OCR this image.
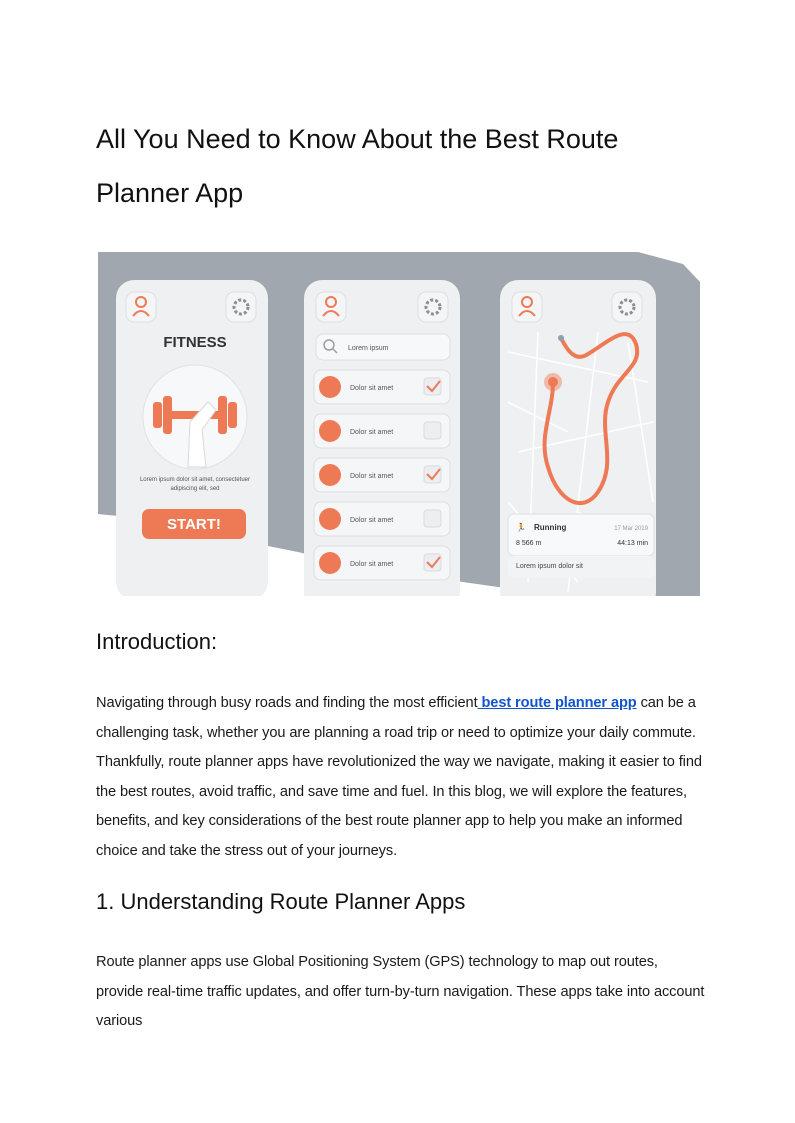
All You Need to Know About the Best Route Planner App
FITNESS
Lorem ipsum dolor sit amet, consectetuer
adipiscing elit, sed
START!
Lorem ipsum
Dolor sit amet
Dolor sit amet
Dolor sit amet
Dolor sit amet
Dolor sit amet
🏃 Running	17 Mar 2019
8 566 m	44:13 min
Lorem ipsum dolor sit
Introduction:

Navigating through busy roads and finding the most efficient best route planner app can be a challenging task, whether you are planning a road trip or need to optimize your daily commute. Thankfully, route planner apps have revolutionized the way we navigate, making it easier to find the best routes, avoid traffic, and save time and fuel. In this blog, we will explore the features, benefits, and key considerations of the best route planner app to help you make an informed choice and take the stress out of your journeys.

1. Understanding Route Planner Apps

Route planner apps use Global Positioning System (GPS) technology to map out routes, provide real-time traffic updates, and offer turn-by-turn navigation. These apps take into account various
